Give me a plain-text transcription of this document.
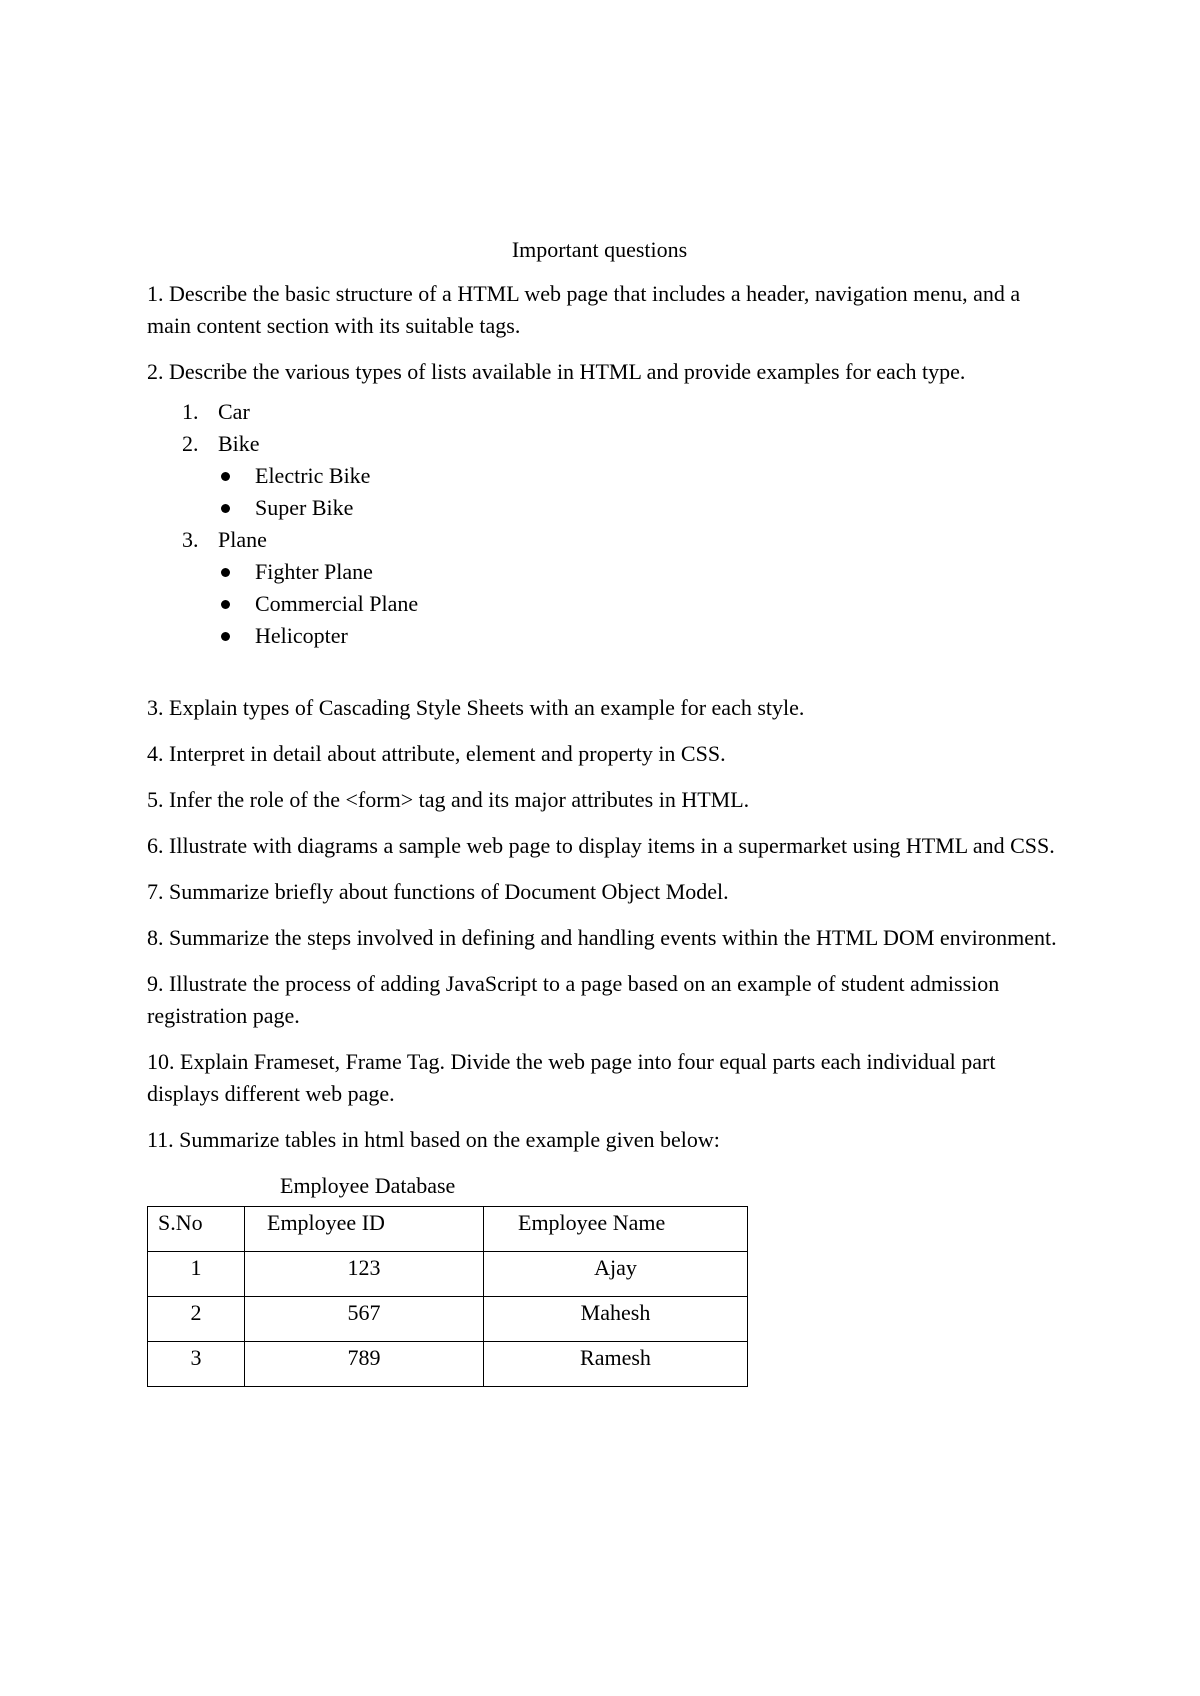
Important questions

1. Describe the basic structure of a HTML web page that includes a header, navigation menu, and a main content section with its suitable tags.

2. Describe the various types of lists available in HTML and provide examples for each type.

1. Car
2. Bike
Electric Bike
Super Bike
3. Plane
Fighter Plane
Commercial Plane
Helicopter

3. Explain types of Cascading Style Sheets with an example for each style.

4. Interpret in detail about attribute, element and property in CSS.

5. Infer the role of the <form> tag and its major attributes in HTML.

6. Illustrate with diagrams a sample web page to display items in a supermarket using HTML and CSS.

7. Summarize briefly about functions of Document Object Model.

8. Summarize the steps involved in defining and handling events within the HTML DOM environment.

9. Illustrate the process of adding JavaScript to a page based on an example of student admission registration page.

10. Explain Frameset, Frame Tag. Divide the web page into four equal parts each individual part displays different web page.

11. Summarize tables in html based on the example given below:

Employee Database
S.No	Employee ID	Employee Name
1	123	Ajay
2	567	Mahesh
3	789	Ramesh
